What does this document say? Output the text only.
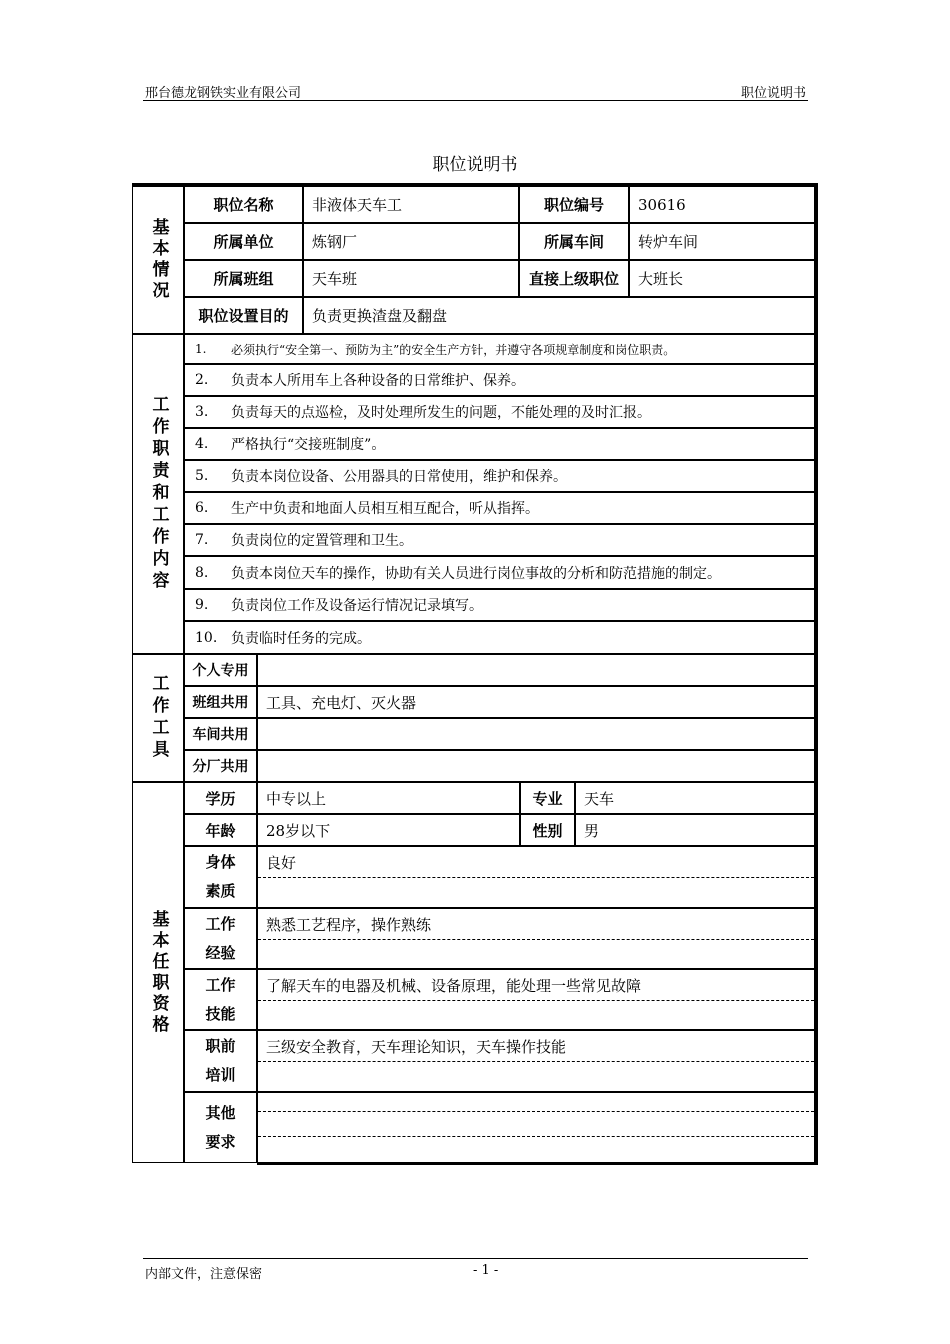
邢台德龙钢铁实业有限公司	职位说明书
职位说明书
基本情况
职位名称	非液体天车工	职位编号	30616
所属单位	炼钢厂	所属车间	转炉车间
所属班组	天车班	直接上级职位	大班长
职位设置目的	负责更换渣盘及翻盘
工作职责和工作内容
1.	必须执行“安全第一、预防为主”的安全生产方针，并遵守各项规章制度和岗位职责。
2.	负责本人所用车上各种设备的日常维护、保养。
3.	负责每天的点巡检，及时处理所发生的问题，不能处理的及时汇报。
4.	严格执行“交接班制度”。
5.	负责本岗位设备、公用器具的日常使用，维护和保养。
6.	生产中负责和地面人员相互相互配合，听从指挥。
7.	负责岗位的定置管理和卫生。
8.	负责本岗位天车的操作，协助有关人员进行岗位事故的分析和防范措施的制定。
9.	负责岗位工作及设备运行情况记录填写。
10. 负责临时任务的完成。
工作工具
个人专用
班组共用	工具、充电灯、灭火器
车间共用
分厂共用
基本任职资格
学历	中专以上	专业	天车
年龄	28岁以下	性别	男
身体
素质
良好
工作
经验
熟悉工艺程序，操作熟练
工作
技能
了解天车的电器及机械、设备原理，能处理一些常见故障
职前
培训
三级安全教育，天车理论知识，天车操作技能
其他
要求
内部文件，注意保密	- 1 -
